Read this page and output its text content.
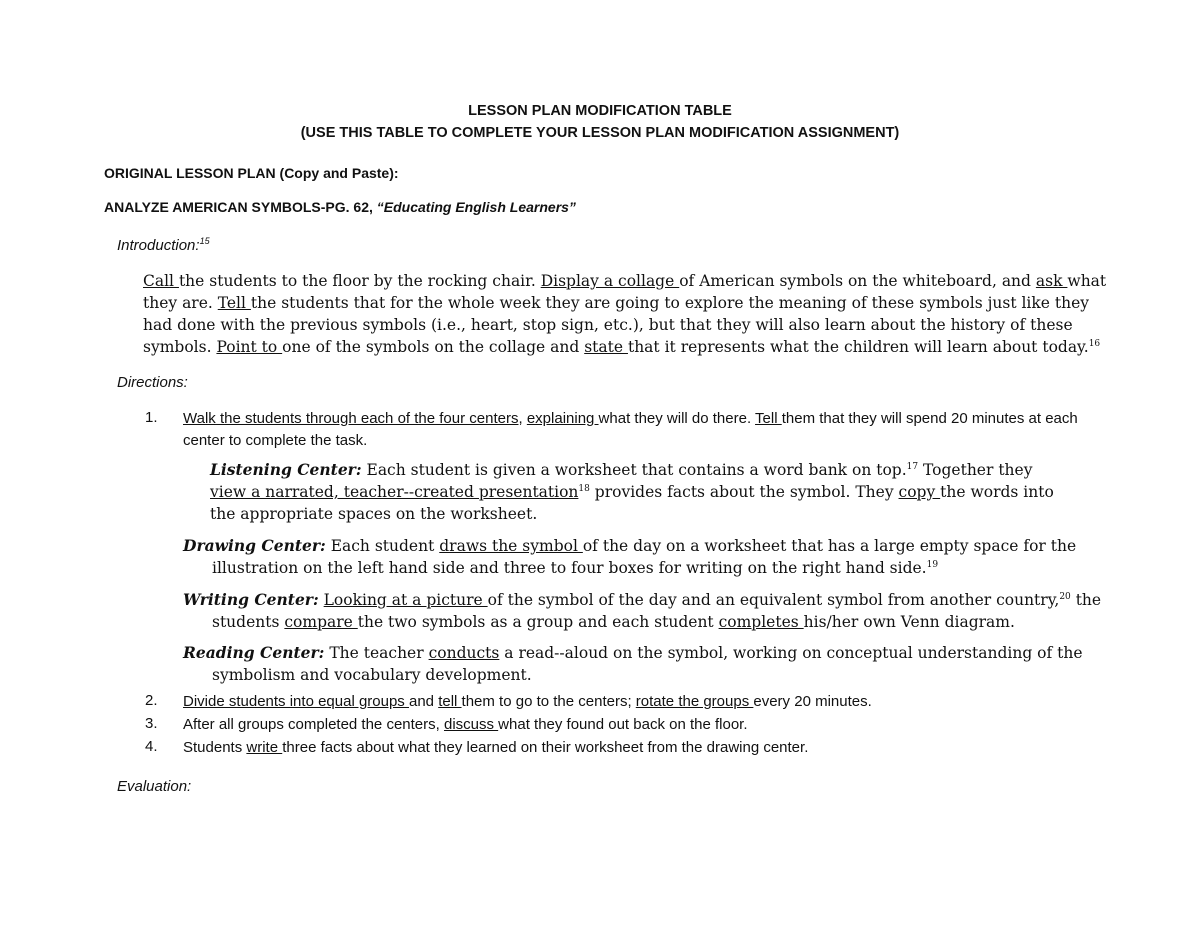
LESSON PLAN MODIFICATION TABLE
(USE THIS TABLE TO COMPLETE YOUR LESSON PLAN MODIFICATION ASSIGNMENT)
ORIGINAL LESSON PLAN (Copy and Paste):
ANALYZE AMERICAN SYMBOLS-PG. 62, “Educating English Learners”
Introduction:$^{15}$
Call the students to the floor by the rocking chair. Display a collage of American symbols on the whiteboard, and ask what they are. Tell the students that for the whole week they are going to explore the meaning of these symbols just like they had done with the previous symbols (i.e., heart, stop sign, etc.), but that they will also learn about the history of these symbols. Point to one of the symbols on the collage and state that it represents what the children will learn about today.$^{16}$
Directions:
1. Walk the students through each of the four centers, explaining what they will do there. Tell them that they will spend 20 minutes at each center to complete the task.
Listening Center: Each student is given a worksheet that contains a word bank on top.$^{17}$ Together they view a narrated, teacher--created presentation$^{18}$ provides facts about the symbol. They copy the words into the appropriate spaces on the worksheet.
Drawing Center: Each student draws the symbol of the day on a worksheet that has a large empty space for the illustration on the left hand side and three to four boxes for writing on the right hand side.$^{19}$
Writing Center: Looking at a picture of the symbol of the day and an equivalent symbol from another country,$^{20}$ the students compare the two symbols as a group and each student completes his/her own Venn diagram.
Reading Center: The teacher conducts a read--aloud on the symbol, working on conceptual understanding of the symbolism and vocabulary development.
2. Divide students into equal groups and tell them to go to the centers; rotate the groups every 20 minutes.
3. After all groups completed the centers, discuss what they found out back on the floor.
4. Students write three facts about what they learned on their worksheet from the drawing center.
Evaluation:
